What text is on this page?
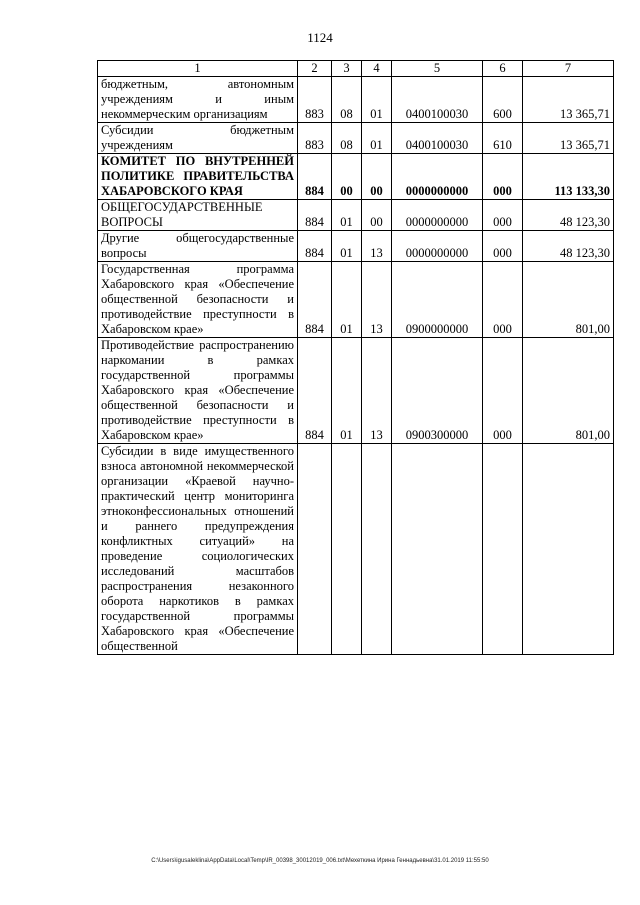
1124
1	2	3	4	5	6	7
бюджетным, автономным учреждениям и иным некоммерческим организациям	883	08	01	0400100030	600	13 365,71
Субсидии бюджетным учреждениям	883	08	01	0400100030	610	13 365,71
КОМИТЕТ ПО ВНУТРЕННЕЙ ПОЛИТИКЕ ПРАВИТЕЛЬСТВА ХАБАРОВСКОГО КРАЯ	884	00	00	0000000000	000	113 133,30
ОБЩЕГОСУДАРСТВЕННЫЕ ВОПРОСЫ	884	01	00	0000000000	000	48 123,30
Другие общегосударственные вопросы	884	01	13	0000000000	000	48 123,30
Государственная программа Хабаровского края «Обеспечение общественной безопасности и противодействие преступности в Хабаровском крае»	884	01	13	0900000000	000	801,00
Противодействие распространению наркомании в рамках государственной программы Хабаровского края «Обеспечение общественной безопасности и противодействие преступности в Хабаровском крае»	884	01	13	0900300000	000	801,00
Субсидии в виде имущественного взноса автономной некоммерческой организации «Краевой научно-практический центр мониторинга этноконфессиональных отношений и раннего предупреждения конфликтных ситуаций» на проведение социологических исследований масштабов распространения незаконного оборота наркотиков в рамках государственной программы Хабаровского края «Обеспечение общественной						
C:\Users\igusaleklina\AppData\Local\Temp\IR_00398_30012019_006.txt\Мехеткина Ирина Геннадьевна\31.01.2019 11:55:50
